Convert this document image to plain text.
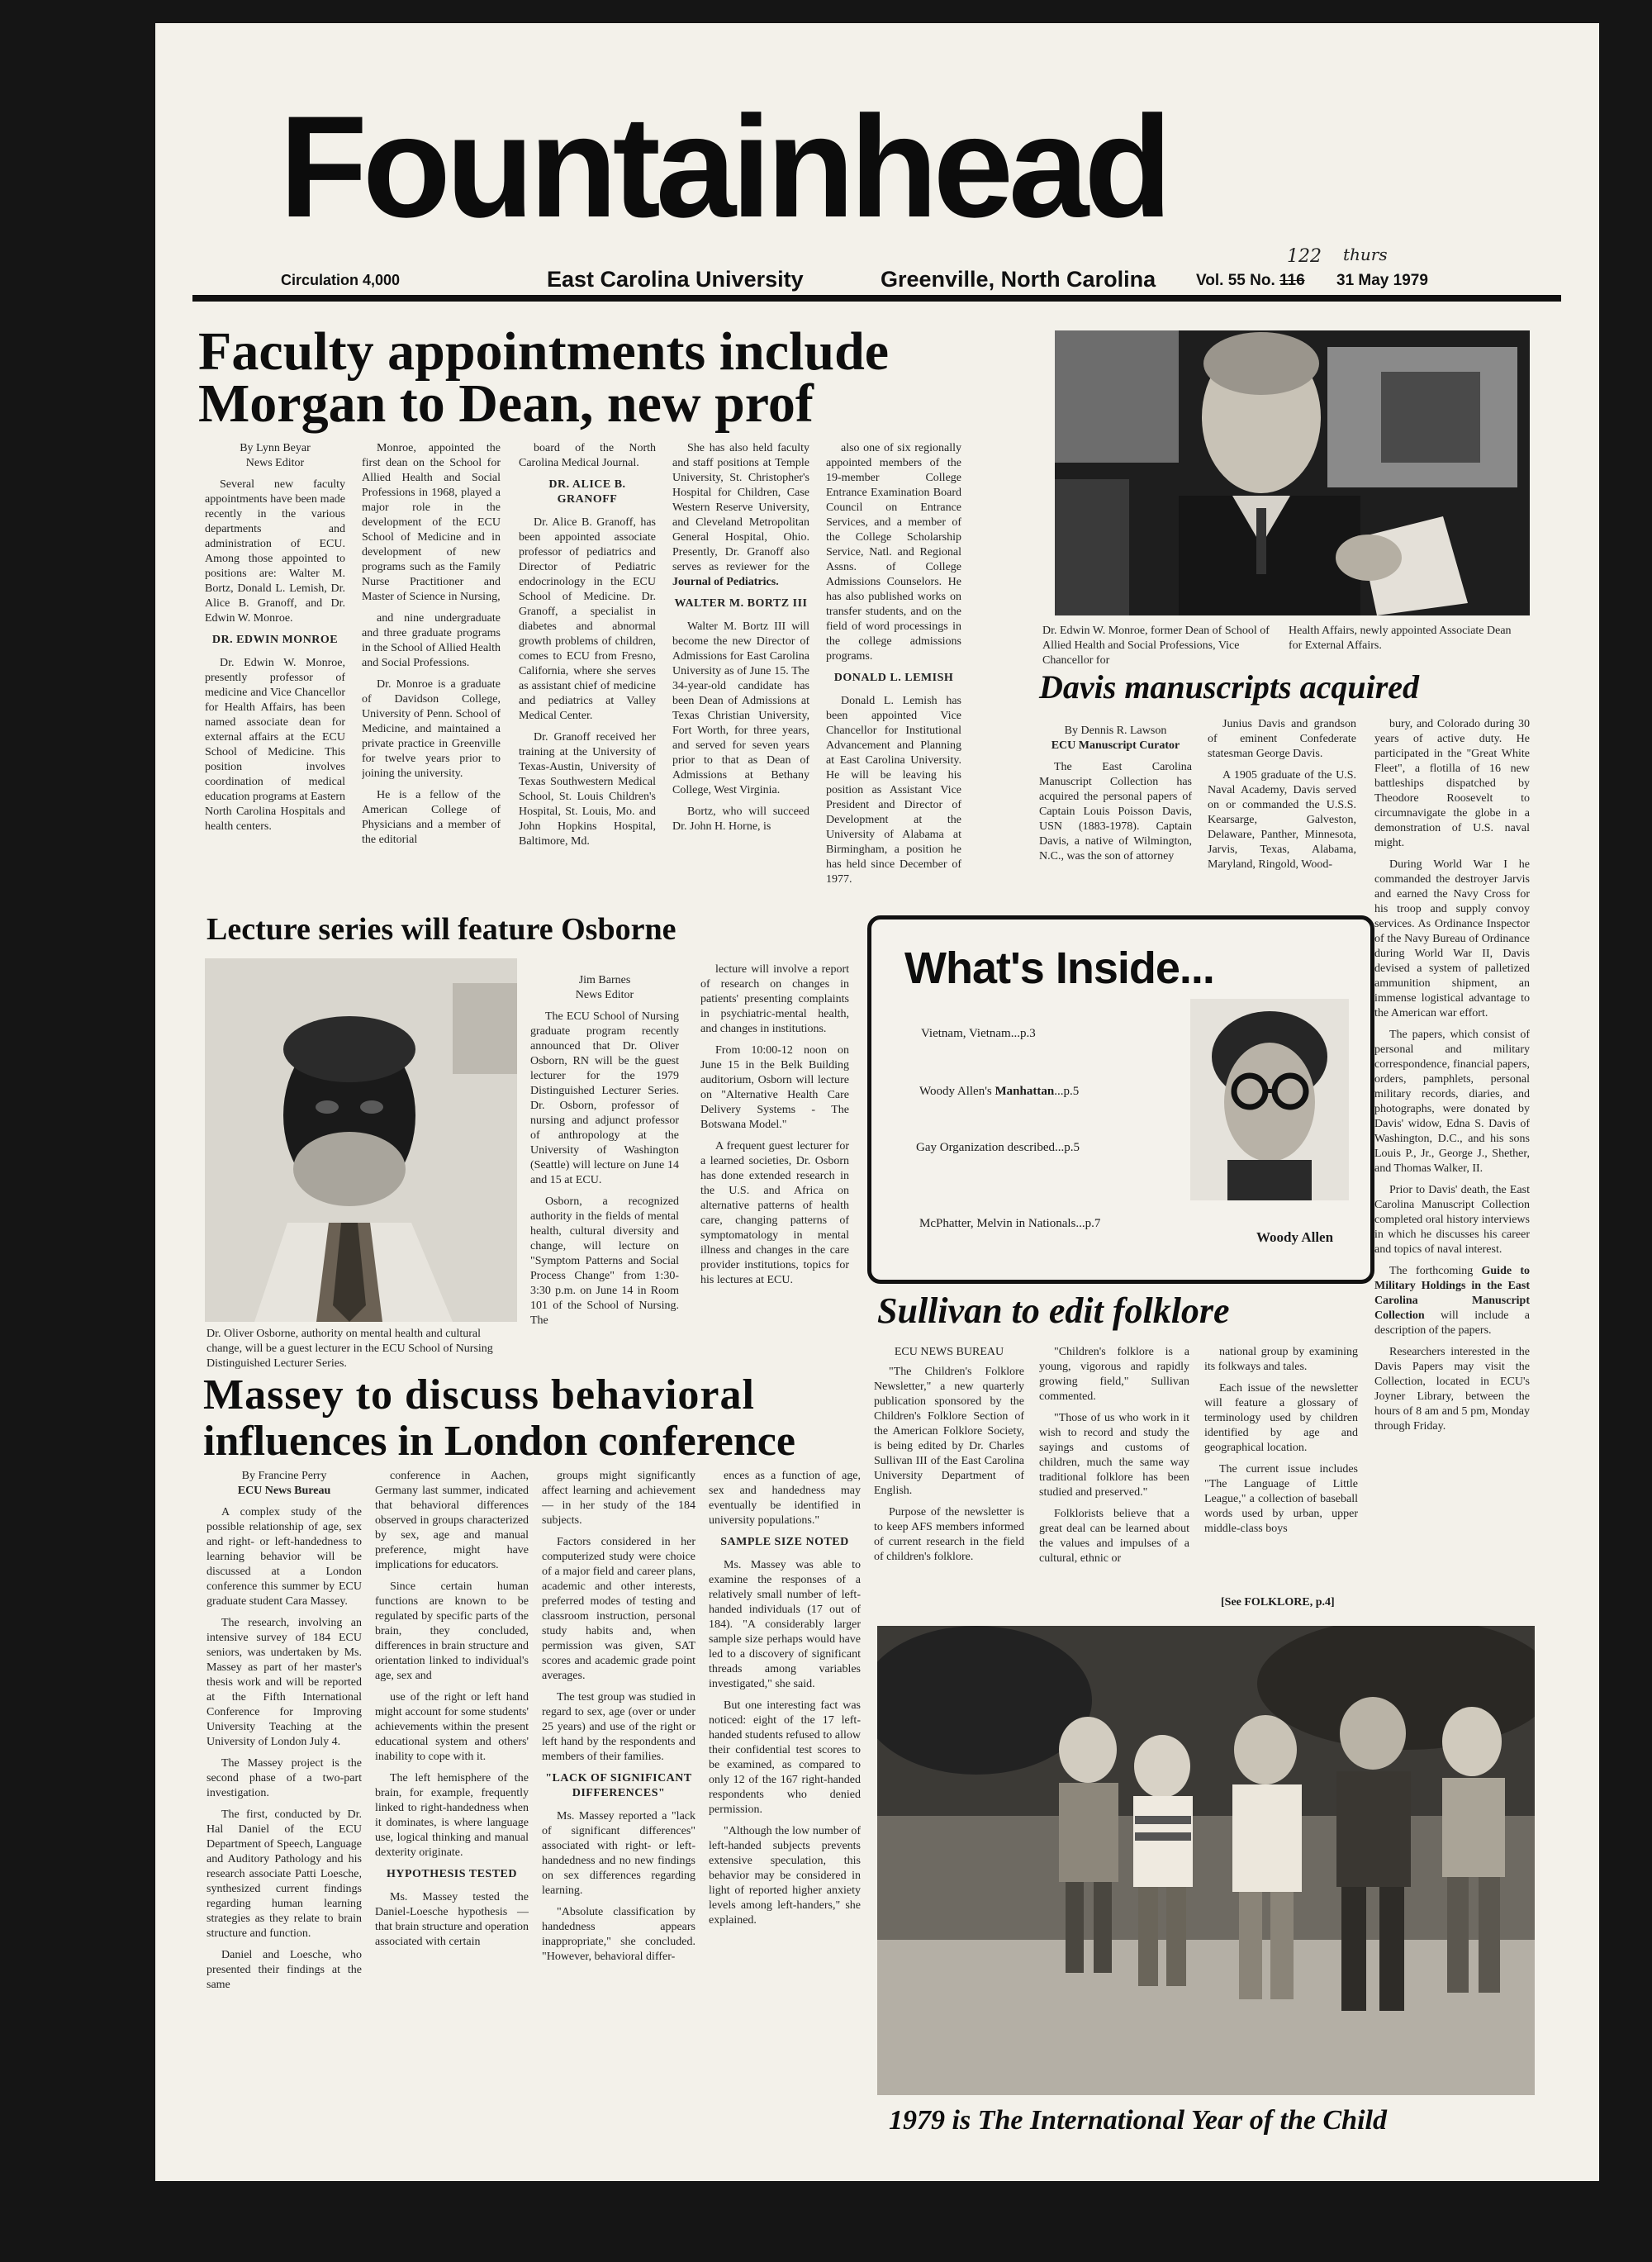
Fountainhead
Circulation 4,000	East Carolina University	Greenville, North Carolina	Vol. 55 No. 116
122 thurs
31 May 1979
Faculty appointments include
Morgan to Dean, new prof
By Lynn Beyar
News Editor

Several new faculty appointments have been made recently in the various departments and administration of ECU. Among those appointed to positions are: Walter M. Bortz, Donald L. Lemish, Dr. Alice B. Granoff, and Dr. Edwin W. Monroe.

DR. EDWIN MONROE

Dr. Edwin W. Monroe, presently professor of medicine and Vice Chancellor for Health Affairs, has been named associate dean for external affairs at the ECU School of Medicine. This position involves coordination of medical education programs at Eastern North Carolina Hospitals and health centers.

Monroe, appointed the first dean on the School for Allied Health and Social Professions in 1968, played a major role in the development of the ECU School of Medicine and in development of new programs such as the Family Nurse Practitioner and Master of Science in Nursing,

and nine undergraduate and three graduate programs in the School of Allied Health and Social Professions.

Dr. Monroe is a graduate of Davidson College, University of Penn. School of Medicine, and maintained a private practice in Greenville for twelve years prior to joining the university.

He is a fellow of the American College of Physicians and a member of the editorial

board of the North Carolina Medical Journal.

DR. ALICE B. GRANOFF

Dr. Alice B. Granoff, has been appointed associate professor of pediatrics and Director of Pediatric endocrinology in the ECU School of Medicine. Dr. Granoff, a specialist in diabetes and abnormal growth problems of children, comes to ECU from Fresno, California, where she serves as assistant chief of medicine and pediatrics at Valley Medical Center.

Dr. Granoff received her training at the University of Texas-Austin, University of Texas Southwestern Medical School, St. Louis Children's Hospital, St. Louis, Mo. and John Hopkins Hospital, Baltimore, Md.

She has also held faculty and staff positions at Temple University, St. Christopher's Hospital for Children, Case Western Reserve University, and Cleveland Metropolitan General Hospital, Ohio. Presently, Dr. Granoff also serves as reviewer for the Journal of Pediatrics.

WALTER M. BORTZ III

Walter M. Bortz III will become the new Director of Admissions for East Carolina University as of June 15. The 34-year-old candidate has been Dean of Admissions at Texas Christian University, Fort Worth, for three years, and served for seven years prior to that as Dean of Admissions at Bethany College, West Virginia.

Bortz, who will succeed Dr. John H. Horne, is

also one of six regionally appointed members of the 19-member College Entrance Examination Board Council on Entrance Services, and a member of the College Scholarship Service, Natl. and Regional Assns. of College Admissions Counselors. He has also published works on transfer students, and on the field of word processings in the college admissions programs.

DONALD L. LEMISH

Donald L. Lemish has been appointed Vice Chancellor for Institutional Advancement and Planning at East Carolina University. He will be leaving his position as Assistant Vice President and Director of Development at the University of Alabama at Birmingham, a position he has held since December of 1977.

Dr. Edwin W. Monroe, former Dean of School of Allied Health and Social Professions, Vice Chancellor for
Health Affairs, newly appointed Associate Dean for External Affairs.
Davis manuscripts acquired
By Dennis R. Lawson
ECU Manuscript Curator

The East Carolina Manuscript Collection has acquired the personal papers of Captain Louis Poisson Davis, USN (1883-1978). Captain Davis, a native of Wilmington, N.C., was the son of attorney

Junius Davis and grandson of eminent Confederate statesman George Davis.

A 1905 graduate of the U.S. Naval Academy, Davis served on or commanded the U.S.S. Kearsarge, Galveston, Delaware, Panther, Minnesota, Jarvis, Texas, Alabama, Maryland, Ringold, Wood-

bury, and Colorado during 30 years of active duty. He participated in the "Great White Fleet", a flotilla of 16 new battleships dispatched by Theodore Roosevelt to circumnavigate the globe in a demonstration of U.S. naval might.

During World War I he commanded the destroyer Jarvis and earned the Navy Cross for his troop and supply convoy services. As Ordinance Inspector of the Navy Bureau of Ordinance during World War II, Davis devised a system of palletized ammunition shipment, an immense logistical advantage to the American war effort.

The papers, which consist of personal and military correspondence, financial papers, orders, pamphlets, personal military records, diaries, and photographs, were donated by Davis' widow, Edna S. Davis of Washington, D.C., and his sons Louis P., Jr., George J., Shether, and Thomas Walker, II.

Prior to Davis' death, the East Carolina Manuscript Collection completed oral history interviews in which he discusses his career and topics of naval interest.

The forthcoming Guide to Military Holdings in the East Carolina Manuscript Collection will include a description of the papers.

Researchers interested in the Davis Papers may visit the Collection, located in ECU's Joyner Library, between the hours of 8 am and 5 pm, Monday through Friday.

Lecture series will feature Osborne
Dr. Oliver Osborne, authority on mental health and cultural change, will be a guest lecturer in the ECU School of Nursing Distinguished Lecturer Series.
Jim Barnes
News Editor

The ECU School of Nursing graduate program recently announced that Dr. Oliver Osborn, RN will be the guest lecturer for the 1979 Distinguished Lecturer Series. Dr. Osborn, professor of nursing and adjunct professor of anthropology at the University of Washington (Seattle) will lecture on June 14 and 15 at ECU.

Osborn, a recognized authority in the fields of mental health, cultural diversity and change, will lecture on "Symptom Patterns and Social Process Change" from 1:30-3:30 p.m. on June 14 in Room 101 of the School of Nursing. The

lecture will involve a report of research on changes in patients' presenting complaints in psychiatric-mental health, and changes in institutions.

From 10:00-12 noon on June 15 in the Belk Building auditorium, Osborn will lecture on "Alternative Health Care Delivery Systems - The Botswana Model."

A frequent guest lecturer for a learned societies, Dr. Osborn has done extended research in the U.S. and Africa on alternative patterns of health care, changing patterns of symptomatology in mental illness and changes in the care provider institutions, topics for his lectures at ECU.

What's Inside...
Vietnam, Vietnam...p.3
Woody Allen's Manhattan...p.5
Gay Organization described...p.5
McPhatter, Melvin in Nationals...p.7
Woody Allen
Sullivan to edit folklore
ECU NEWS BUREAU

"The Children's Folklore Newsletter," a new quarterly publication sponsored by the Children's Folklore Section of the American Folklore Society, is being edited by Dr. Charles Sullivan III of the East Carolina University Department of English.

Purpose of the newsletter is to keep AFS members informed of current research in the field of children's folklore.

"Children's folklore is a young, vigorous and rapidly growing field," Sullivan commented.

"Those of us who work in it wish to record and study the sayings and customs of children, much the same way traditional folklore has been studied and preserved."

Folklorists believe that a great deal can be learned about the values and impulses of a cultural, ethnic or

national group by examining its folkways and tales.

Each issue of the newsletter will feature a glossary of terminology used by children identified by age and geographical location.

The current issue includes "The Language of Little League," a collection of baseball words used by urban, upper middle-class boys

[See FOLKLORE, p.4]
Massey to discuss behavioral
influences in London conference
By Francine Perry
ECU News Bureau

A complex study of the possible relationship of age, sex and right- or left-handedness to learning behavior will be discussed at a London conference this summer by ECU graduate student Cara Massey.

The research, involving an intensive survey of 184 ECU seniors, was undertaken by Ms. Massey as part of her master's thesis work and will be reported at the Fifth International Conference for Improving University Teaching at the University of London July 4.

The Massey project is the second phase of a two-part investigation.

The first, conducted by Dr. Hal Daniel of the ECU Department of Speech, Language and Auditory Pathology and his research associate Patti Loesche, synthesized current findings regarding human learning strategies as they relate to brain structure and function.

Daniel and Loesche, who presented their findings at the same

conference in Aachen, Germany last summer, indicated that behavioral differences observed in groups characterized by sex, age and manual preference, might have implications for educators.

Since certain human functions are known to be regulated by specific parts of the brain, they concluded, differences in brain structure and orientation linked to individual's age, sex and

use of the right or left hand might account for some students' achievements within the present educational system and others' inability to cope with it.

The left hemisphere of the brain, for example, frequently linked to right-handedness when it dominates, is where language use, logical thinking and manual dexterity originate.

HYPOTHESIS TESTED

Ms. Massey tested the Daniel-Loesche hypothesis — that brain structure and operation associated with certain

groups might significantly affect learning and achievement — in her study of the 184 subjects.

Factors considered in her computerized study were choice of a major field and career plans, academic and other interests, preferred modes of testing and classroom instruction, personal study habits and, when permission was given, SAT scores and academic grade point averages.

The test group was studied in regard to sex, age (over or under 25 years) and use of the right or left hand by the respondents and members of their families.

"LACK OF SIGNIFICANT DIFFERENCES"

Ms. Massey reported a "lack of significant differences" associated with right- or left-handedness and no new findings on sex differences regarding learning.

"Absolute classification by handedness appears inappropriate," she concluded. "However, behavioral differ-

ences as a function of age, sex and handedness may eventually be identified in university populations."

SAMPLE SIZE NOTED

Ms. Massey was able to examine the responses of a relatively small number of left-handed individuals (17 out of 184). "A considerably larger sample size perhaps would have led to a discovery of significant threads among variables investigated," she said.

But one interesting fact was noticed: eight of the 17 left-handed students refused to allow their confidential test scores to be examined, as compared to only 12 of the 167 right-handed respondents who denied permission.

"Although the low number of left-handed subjects prevents extensive speculation, this behavior may be considered in light of reported higher anxiety levels among left-handers," she explained.

1979 is The International Year of the Child
